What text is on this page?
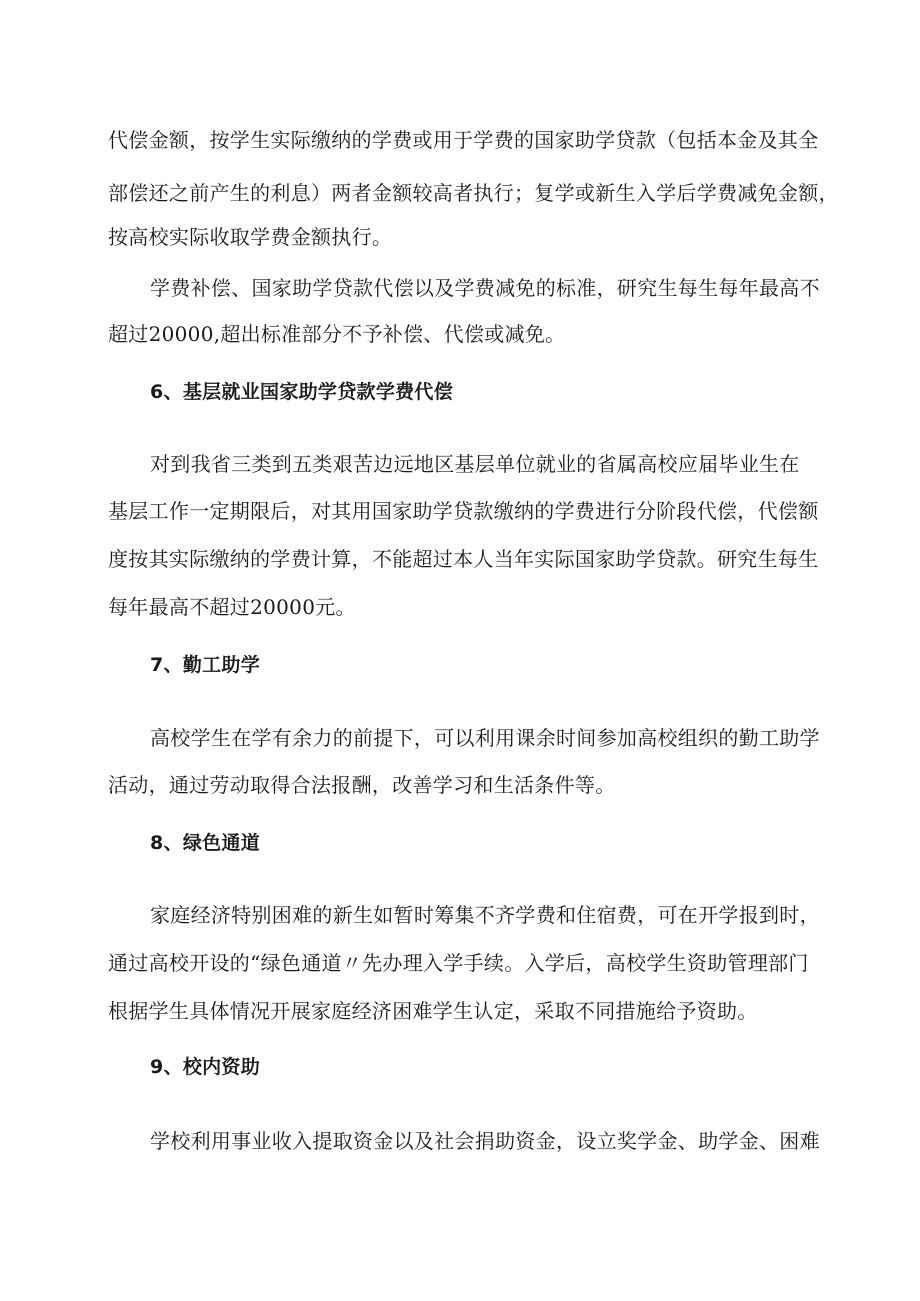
代偿金额，按学生实际缴纳的学费或用于学费的国家助学贷款（包括本金及其全
部偿还之前产生的利息）两者金额较高者执行；复学或新生入学后学费减免金额，
按高校实际收取学费金额执行。
学费补偿、国家助学贷款代偿以及学费减免的标准，研究生每生每年最高不
超过20000,超出标准部分不予补偿、代偿或减免。
6、基层就业国家助学贷款学费代偿
对到我省三类到五类艰苦边远地区基层单位就业的省属高校应届毕业生在
基层工作一定期限后，对其用国家助学贷款缴纳的学费进行分阶段代偿，代偿额
度按其实际缴纳的学费计算，不能超过本人当年实际国家助学贷款。研究生每生
每年最高不超过20000元。
7、勤工助学
高校学生在学有余力的前提下，可以利用课余时间参加高校组织的勤工助学
活动，通过劳动取得合法报酬，改善学习和生活条件等。
8、绿色通道
家庭经济特别困难的新生如暂时筹集不齐学费和住宿费，可在开学报到时，
通过高校开设的“绿色通道〃先办理入学手续。入学后，高校学生资助管理部门
根据学生具体情况开展家庭经济困难学生认定，采取不同措施给予资助。
9、校内资助
学校利用事业收入提取资金以及社会捐助资金，设立奖学金、助学金、困难
